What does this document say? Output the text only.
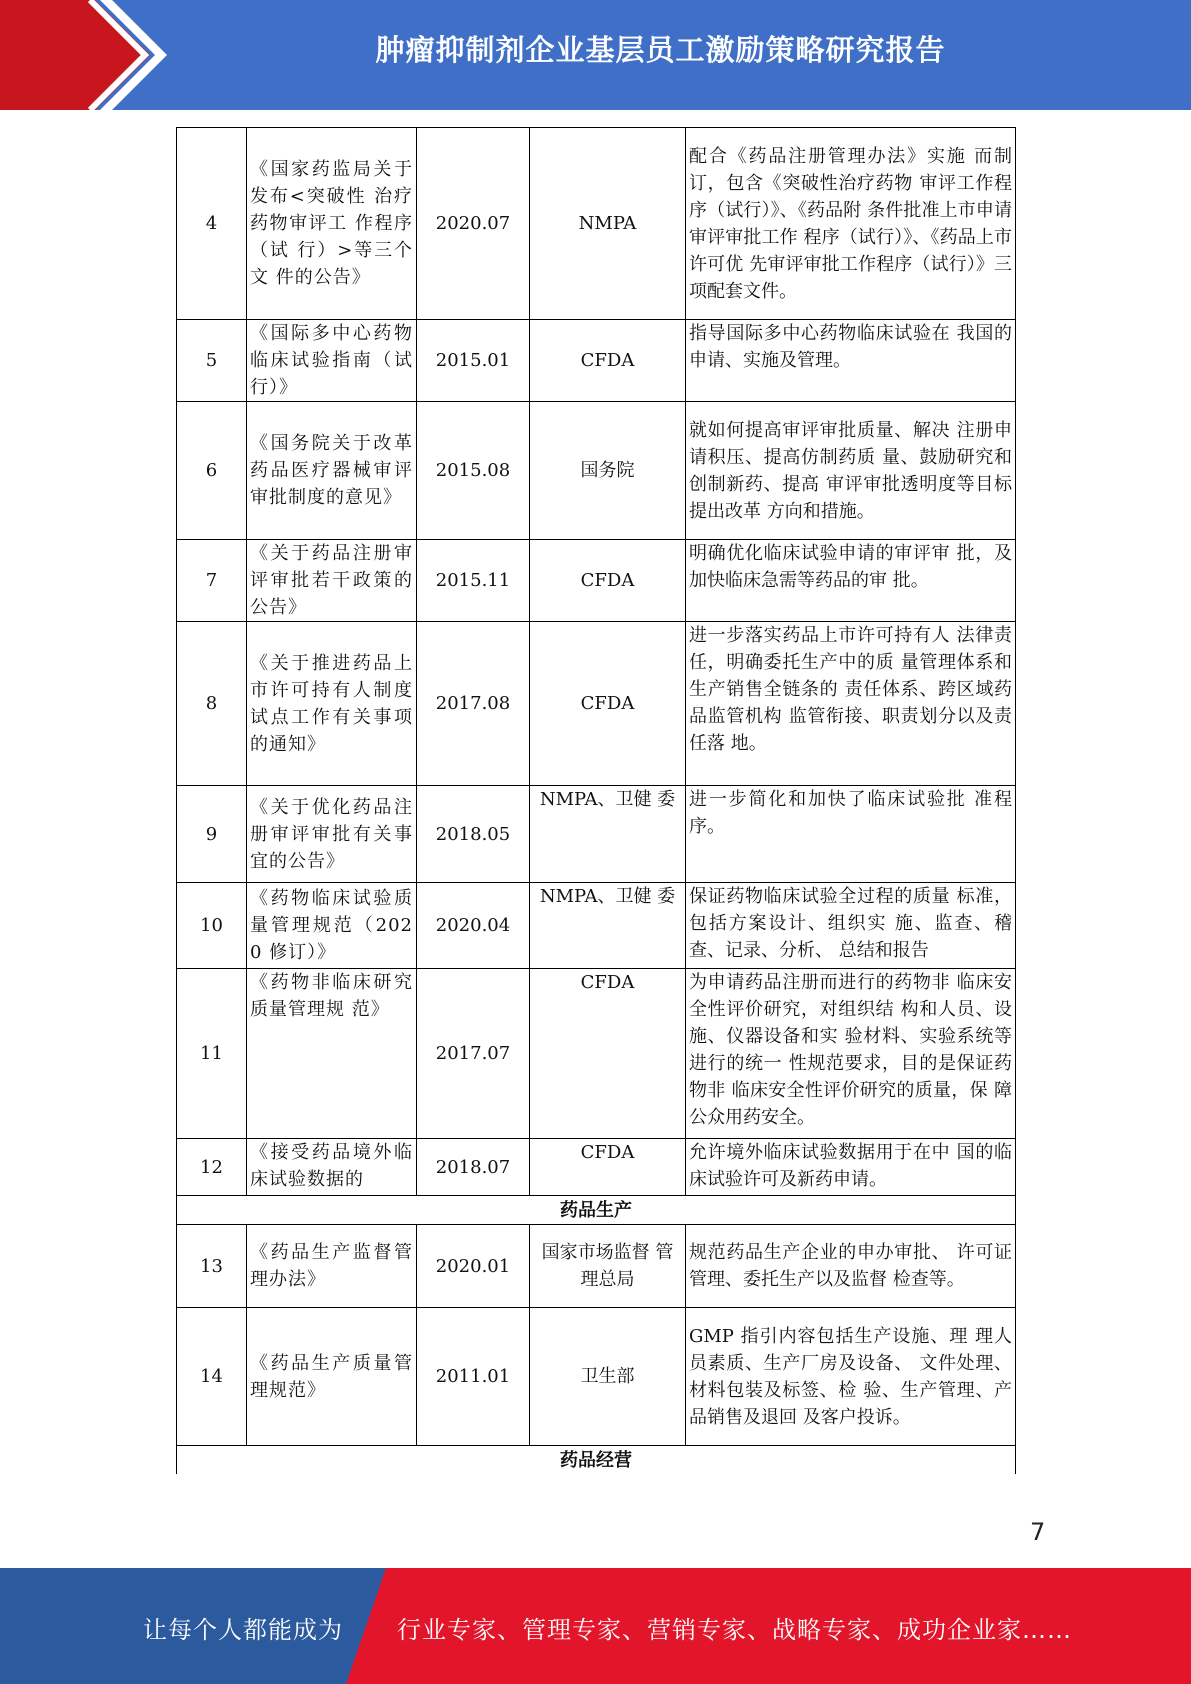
肿瘤抑制剂企业基层员工激励策略研究报告
4	《国家药监局关于发布<突破性 治疗药物审评工 作程序（试 行）>等三个文 件的公告》	2020.07	NMPA	配合《药品注册管理办法》实施 而制订，包含《突破性治疗药物 审评工作程序（试行）》、《药品附 条件批准上市申请审评审批工作 程序（试行）》、《药品上市许可优 先审评审批工作程序（试行）》三 项配套文件。
5	《国际多中心药物临床试验指南（试行）》	2015.01	CFDA	指导国际多中心药物临床试验在 我国的申请、实施及管理。
6	《国务院关于改革药品医疗器械审评审批制度的意见》	2015.08	国务院	就如何提高审评审批质量、解决 注册申请积压、提高仿制药质 量、鼓励研究和创制新药、提高 审评审批透明度等目标提出改革 方向和措施。
7	《关于药品注册审评审批若干政策的公告》	2015.11	CFDA	明确优化临床试验申请的审评审 批，及加快临床急需等药品的审 批。
8	《关于推进药品上市许可持有人制度试点工作有关事项的通知》	2017.08	CFDA	进一步落实药品上市许可持有人 法律责任，明确委托生产中的质 量管理体系和生产销售全链条的 责任体系、跨区域药品监管机构 监管衔接、职责划分以及责任落 地。
9	《关于优化药品注册审评审批有关事宜的公告》	2018.05	NMPA、卫健 委	进一步简化和加快了临床试验批 准程序。
10	《药物临床试验质量管理规范（2020 修订）》	2020.04	NMPA、卫健 委	保证药物临床试验全过程的质量 标准，包括方案设计、组织实 施、监查、稽查、记录、分析、 总结和报告
11	《药物非临床研究质量管理规 范》	2017.07	CFDA	为申请药品注册而进行的药物非 临床安全性评价研究，对组织结 构和人员、设施、仪器设备和实 验材料、实验系统等进行的统一 性规范要求，目的是保证药物非 临床安全性评价研究的质量，保 障公众用药安全。
12	《接受药品境外临床试验数据的	2018.07	CFDA	允许境外临床试验数据用于在中 国的临床试验许可及新药申请。
药品生产				
13	《药品生产监督管理办法》	2020.01	国家市场监督 管理总局	规范药品生产企业的申办审批、 许可证管理、委托生产以及监督 检查等。
14	《药品生产质量管理规范》	2011.01	卫生部	GMP 指引内容包括生产设施、理 理人员素质、生产厂房及设备、 文件处理、材料包装及标签、检 验、生产管理、产品销售及退回 及客户投诉。
药品经营				
7
让每个人都能成为 行业专家、管理专家、营销专家、战略专家、成功企业家……
